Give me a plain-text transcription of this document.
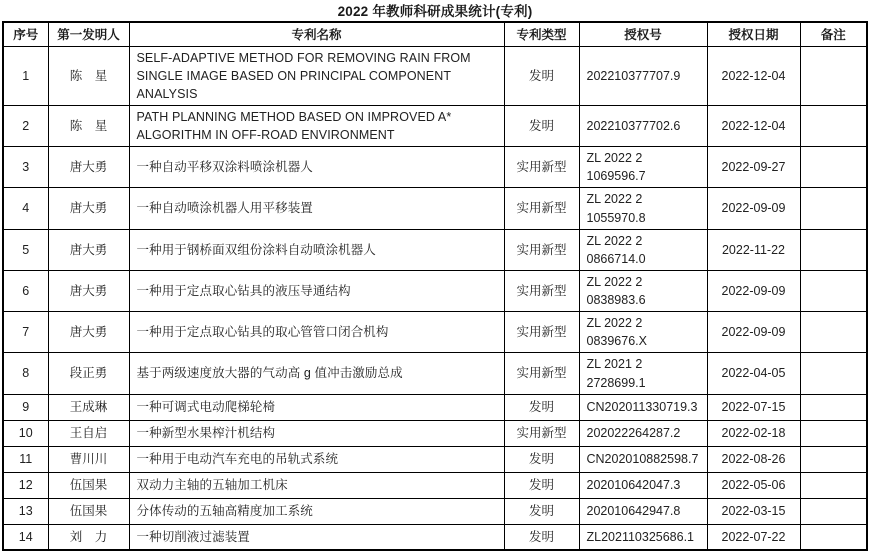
2022 年教师科研成果统计(专利)
序号	第一发明人	专利名称	专利类型	授权号	授权日期	备注
1	陈　星	SELF-ADAPTIVE METHOD FOR REMOVING RAIN FROM SINGLE IMAGE BASED ON PRINCIPAL COMPONENT ANALYSIS	发明	202210377707.9	2022-12-04	
2	陈　星	PATH PLANNING METHOD BASED ON IMPROVED A* ALGORITHM IN OFF-ROAD ENVIRONMENT	发明	202210377702.6	2022-12-04	
3	唐大勇	一种自动平移双涂料喷涂机器人	实用新型	ZL 2022 2 1069596.7	2022-09-27	
4	唐大勇	一种自动喷涂机器人用平移装置	实用新型	ZL 2022 2 1055970.8	2022-09-09	
5	唐大勇	一种用于钢桥面双组份涂料自动喷涂机器人	实用新型	ZL 2022 2 0866714.0	2022-11-22	
6	唐大勇	一种用于定点取心钻具的液压导通结构	实用新型	ZL 2022 2 0838983.6	2022-09-09	
7	唐大勇	一种用于定点取心钻具的取心管管口闭合机构	实用新型	ZL 2022 2 0839676.X	2022-09-09	
8	段正勇	基于两级速度放大器的气动高 g 值冲击激励总成	实用新型	ZL 2021 2 2728699.1	2022-04-05	
9	王成琳	一种可调式电动爬梯轮椅	发明	CN202011330719.3	2022-07-15	
10	王自启	一种新型水果榨汁机结构	实用新型	202022264287.2	2022-02-18	
11	曹川川	一种用于电动汽车充电的吊轨式系统	发明	CN202010882598.7	2022-08-26	
12	伍国果	双动力主轴的五轴加工机床	发明	202010642047.3	2022-05-06	
13	伍国果	分体传动的五轴高精度加工系统	发明	202010642947.8	2022-03-15	
14	刘　力	一种切削液过滤装置	发明	ZL202110325686.1	2022-07-22	
